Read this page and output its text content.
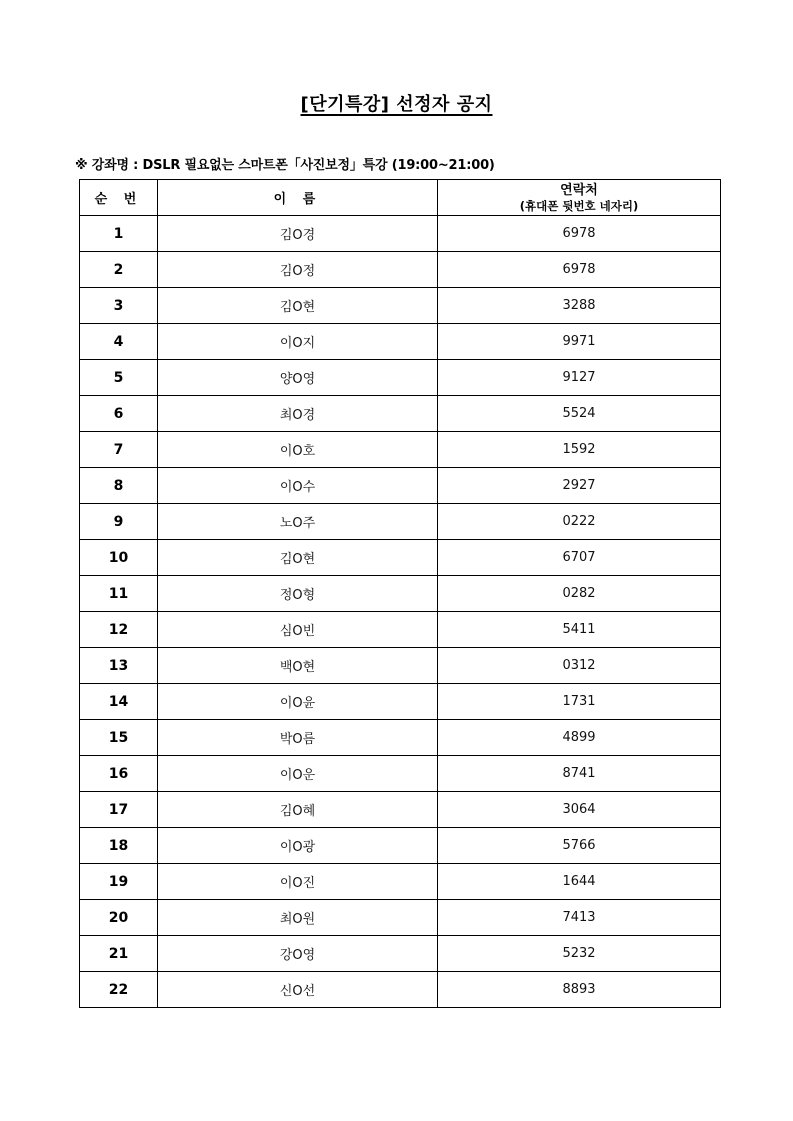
[단기특강] 선정자 공지
※ 강좌명 : DSLR 필요없는 스마트폰「사진보정」특강 (19:00~21:00)
순 번	이 름	연락처
(휴대폰 뒷번호 네자리)

1	김O경	6978
2	김O정	6978
3	김O현	3288
4	이O지	9971
5	양O영	9127
6	최O경	5524
7	이O호	1592
8	이O수	2927
9	노O주	0222
10	김O현	6707
11	정O형	0282
12	심O빈	5411
13	백O현	0312
14	이O윤	1731
15	박O름	4899
16	이O운	8741
17	김O혜	3064
18	이O광	5766
19	이O진	1644
20	최O원	7413
21	강O영	5232
22	신O선	8893
